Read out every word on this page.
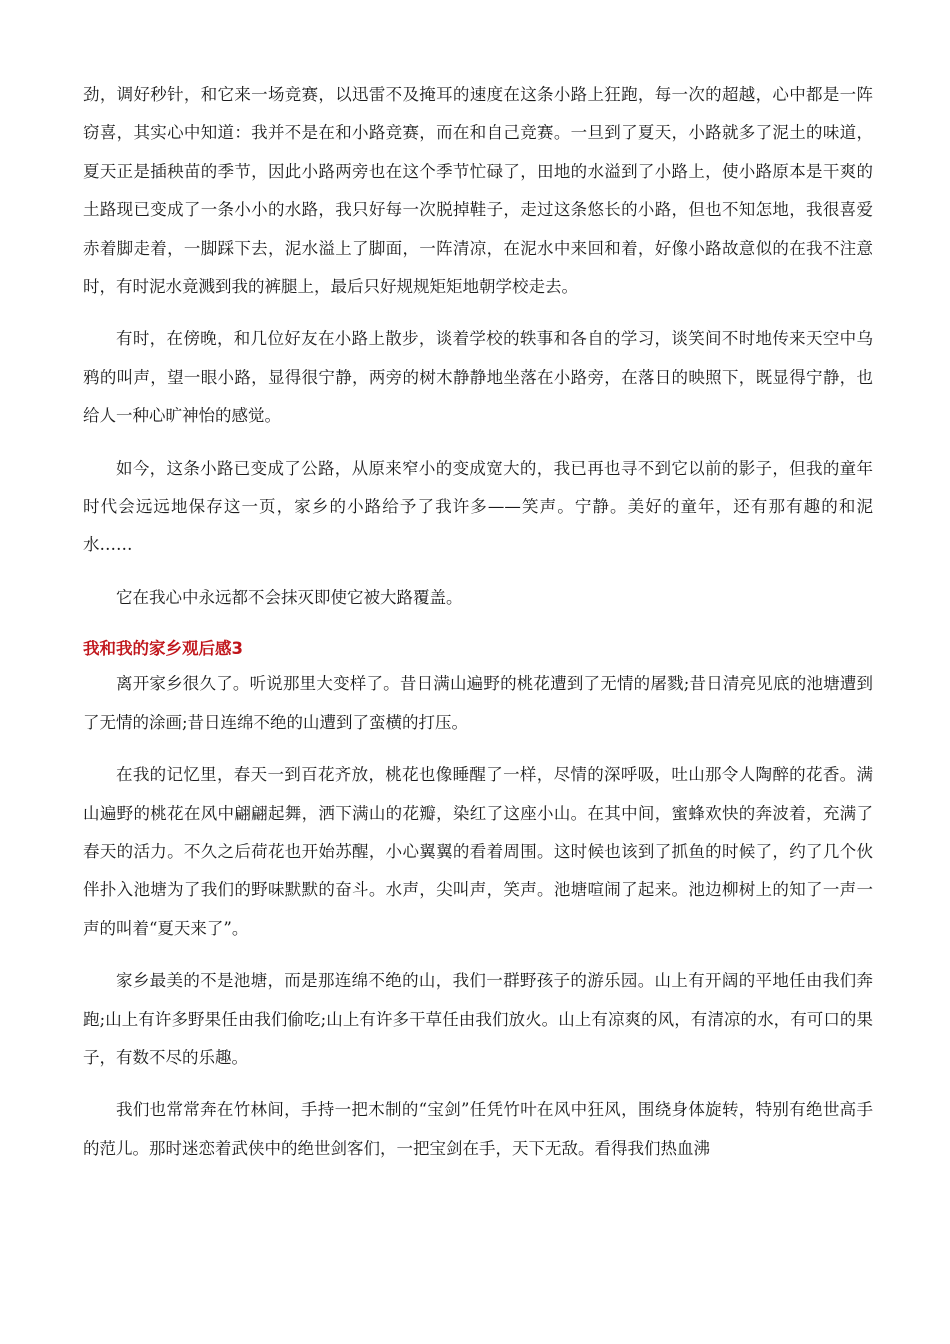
劲，调好秒针，和它来一场竞赛，以迅雷不及掩耳的速度在这条小路上狂跑，每一次的超越，心中都是一阵窃喜，其实心中知道：我并不是在和小路竞赛，而在和自己竞赛。一旦到了夏天，小路就多了泥土的味道，夏天正是插秧苗的季节，因此小路两旁也在这个季节忙碌了，田地的水溢到了小路上，使小路原本是干爽的土路现已变成了一条小小的水路，我只好每一次脱掉鞋子，走过这条悠长的小路，但也不知怎地，我很喜爱赤着脚走着，一脚踩下去，泥水溢上了脚面，一阵清凉，在泥水中来回和着，好像小路故意似的在我不注意时，有时泥水竟溅到我的裤腿上，最后只好规规矩矩地朝学校走去。

有时，在傍晚，和几位好友在小路上散步，谈着学校的轶事和各自的学习，谈笑间不时地传来天空中乌鸦的叫声，望一眼小路，显得很宁静，两旁的树木静静地坐落在小路旁，在落日的映照下，既显得宁静，也给人一种心旷神怡的感觉。

如今，这条小路已变成了公路，从原来窄小的变成宽大的，我已再也寻不到它以前的影子，但我的童年时代会远远地保存这一页，家乡的小路给予了我许多——笑声。宁静。美好的童年，还有那有趣的和泥水……

它在我心中永远都不会抹灭即使它被大路覆盖。

我和我的家乡观后感3

离开家乡很久了。听说那里大变样了。昔日满山遍野的桃花遭到了无情的屠戮;昔日清亮见底的池塘遭到了无情的涂画;昔日连绵不绝的山遭到了蛮横的打压。

在我的记忆里，春天一到百花齐放，桃花也像睡醒了一样，尽情的深呼吸，吐山那令人陶醉的花香。满山遍野的桃花在风中翩翩起舞，洒下满山的花瓣，染红了这座小山。在其中间，蜜蜂欢快的奔波着，充满了春天的活力。不久之后荷花也开始苏醒，小心翼翼的看着周围。这时候也该到了抓鱼的时候了，约了几个伙伴扑入池塘为了我们的野味默默的奋斗。水声，尖叫声，笑声。池塘喧闹了起来。池边柳树上的知了一声一声的叫着“夏天来了”。

家乡最美的不是池塘，而是那连绵不绝的山，我们一群野孩子的游乐园。山上有开阔的平地任由我们奔跑;山上有许多野果任由我们偷吃;山上有许多干草任由我们放火。山上有凉爽的风，有清凉的水，有可口的果子，有数不尽的乐趣。

我们也常常奔在竹林间，手持一把木制的“宝剑”任凭竹叶在风中狂风，围绕身体旋转，特别有绝世高手的范儿。那时迷恋着武侠中的绝世剑客们，一把宝剑在手，天下无敌。看得我们热血沸
